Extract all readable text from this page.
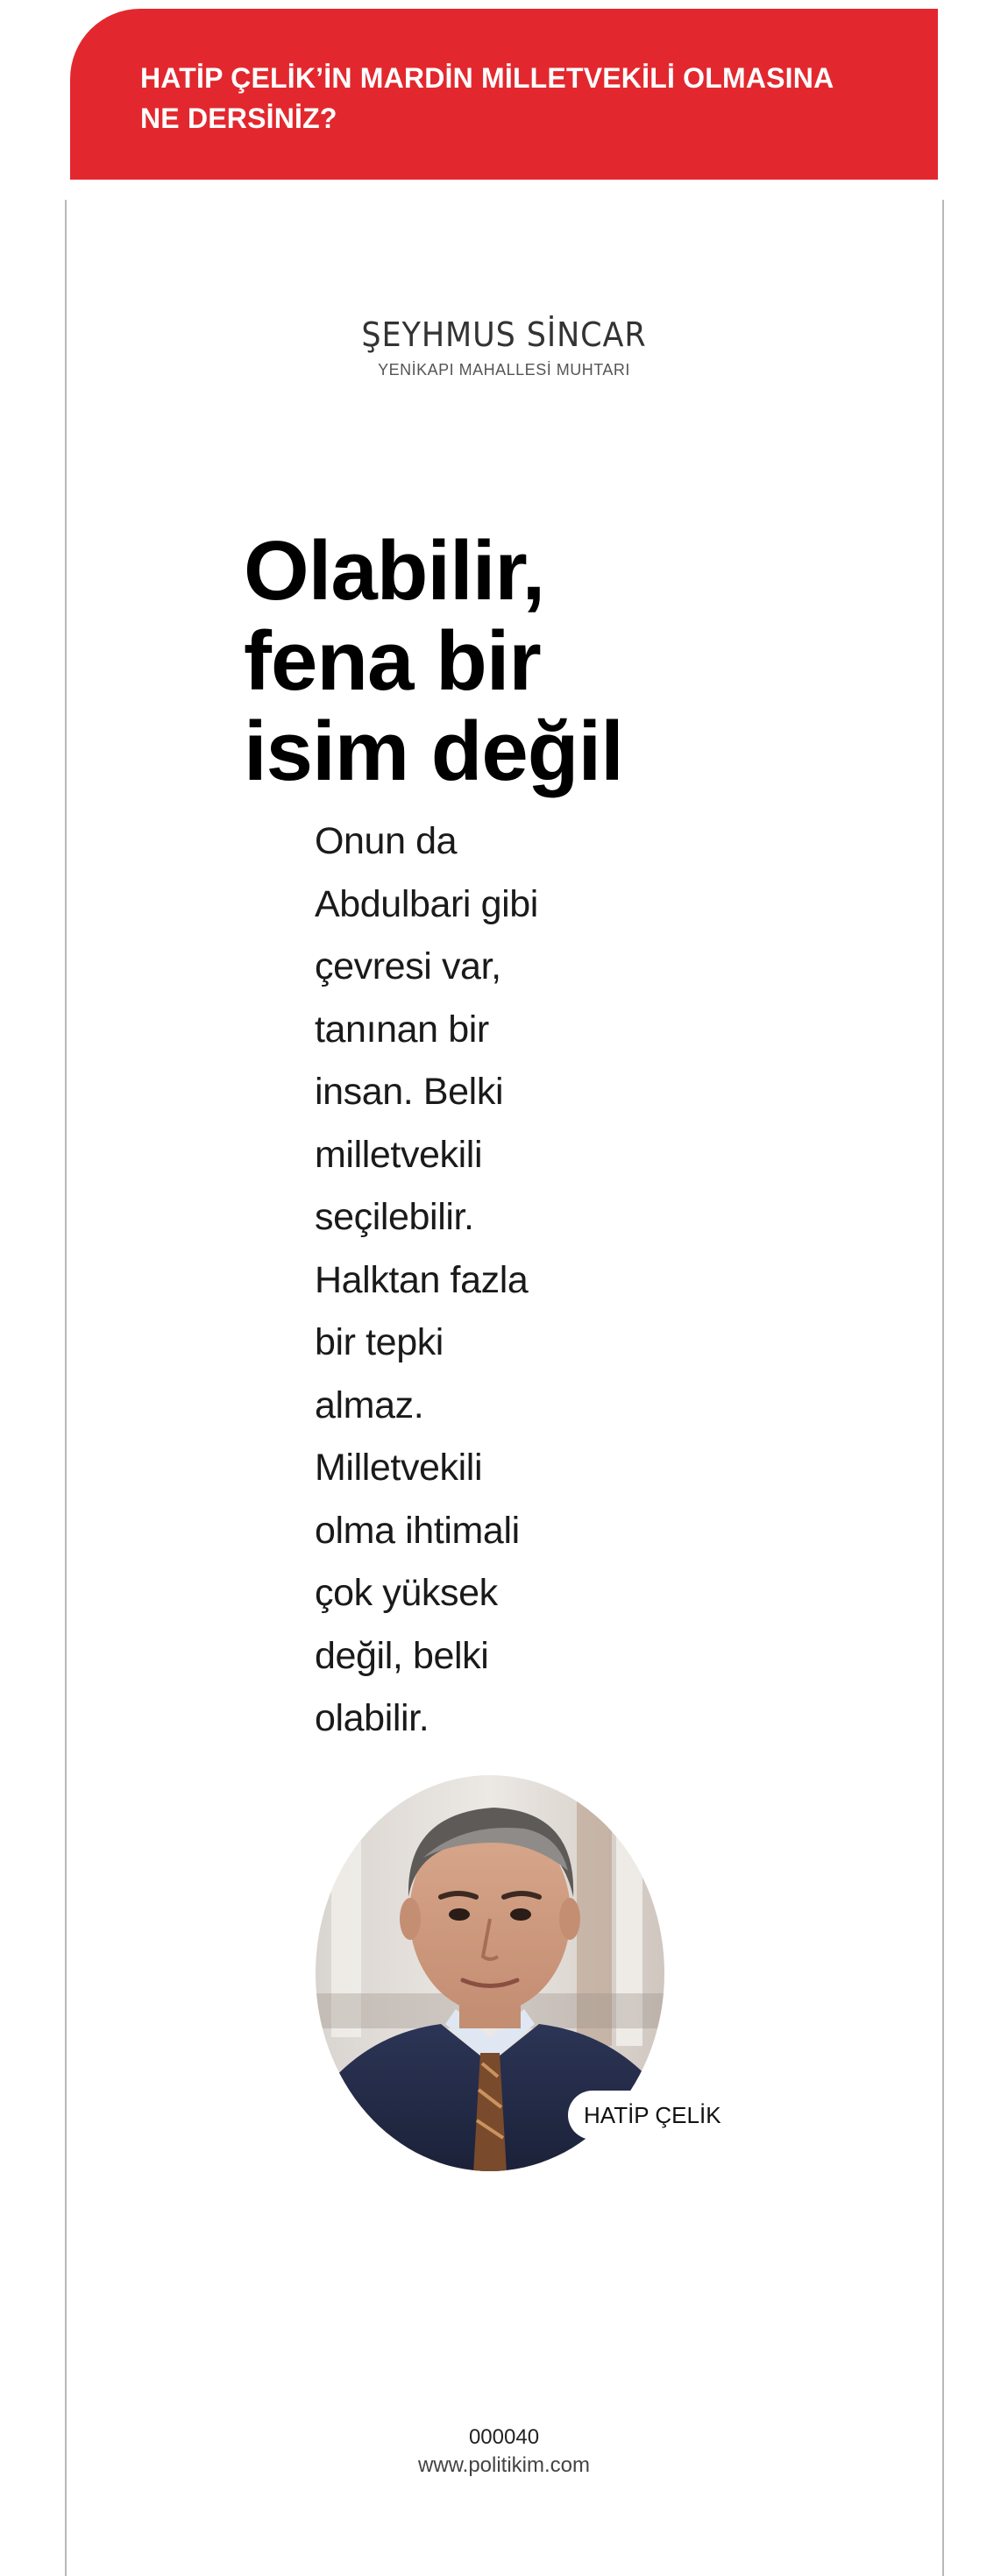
HATİP ÇELİK’İN MARDİN MİLLETVEKİLİ OLMASINA
NE DERSİNİZ?
ŞEYHMUS SİNCAR
YENİKAPI MAHALLESİ MUHTARI
Olabilir,
fena bir
isim değil

Onun da
Abdulbari gibi
çevresi var,
tanınan bir
insan. Belki
milletvekili
seçilebilir.
Halktan fazla
bir tepki
almaz.
Milletvekili
olma ihtimali
çok yüksek
değil, belki
olabilir.

HATİP ÇELİK
000040
www.politikim.com
